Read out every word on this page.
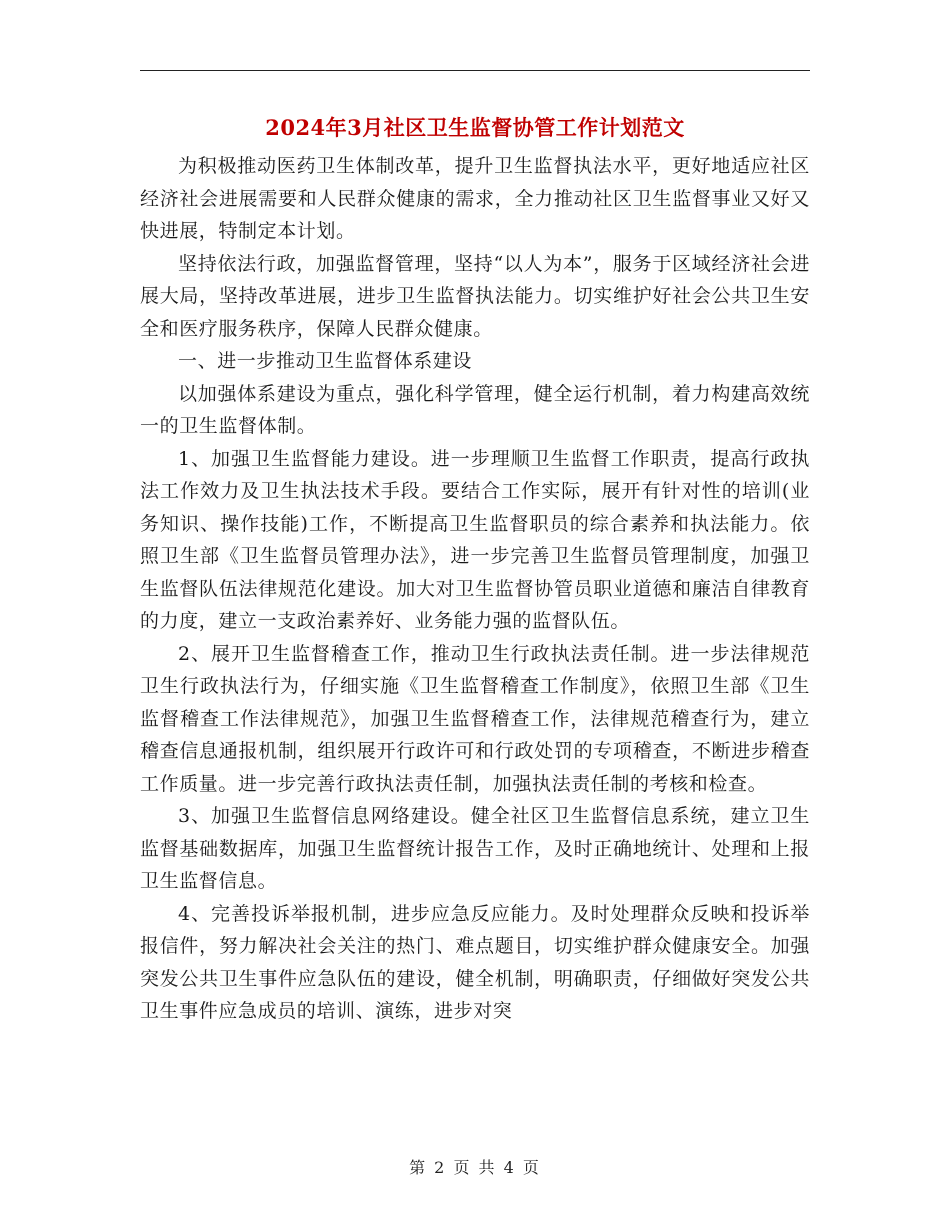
2024年3月社区卫生监督协管工作计划范文

为积极推动医药卫生体制改革，提升卫生监督执法水平，更好地适应社区经济社会进展需要和人民群众健康的需求，全力推动社区卫生监督事业又好又快进展，特制定本计划。

坚持依法行政，加强监督管理，坚持“以人为本”，服务于区域经济社会进展大局，坚持改革进展，进步卫生监督执法能力。切实维护好社会公共卫生安全和医疗服务秩序，保障人民群众健康。

一、进一步推动卫生监督体系建设

以加强体系建设为重点，强化科学管理，健全运行机制，着力构建高效统一的卫生监督体制。

1、加强卫生监督能力建设。进一步理顺卫生监督工作职责，提高行政执法工作效力及卫生执法技术手段。要结合工作实际，展开有针对性的培训(业务知识、操作技能)工作，不断提高卫生监督职员的综合素养和执法能力。依照卫生部《卫生监督员管理办法》，进一步完善卫生监督员管理制度，加强卫生监督队伍法律规范化建设。加大对卫生监督协管员职业道德和廉洁自律教育的力度，建立一支政治素养好、业务能力强的监督队伍。

2、展开卫生监督稽查工作，推动卫生行政执法责任制。进一步法律规范卫生行政执法行为，仔细实施《卫生监督稽查工作制度》，依照卫生部《卫生监督稽查工作法律规范》，加强卫生监督稽查工作，法律规范稽查行为，建立稽查信息通报机制，组织展开行政许可和行政处罚的专项稽查，不断进步稽查工作质量。进一步完善行政执法责任制，加强执法责任制的考核和检查。

3、加强卫生监督信息网络建设。健全社区卫生监督信息系统，建立卫生监督基础数据库，加强卫生监督统计报告工作，及时正确地统计、处理和上报卫生监督信息。

4、完善投诉举报机制，进步应急反应能力。及时处理群众反映和投诉举报信件，努力解决社会关注的热门、难点题目，切实维护群众健康安全。加强突发公共卫生事件应急队伍的建设，健全机制，明确职责，仔细做好突发公共卫生事件应急成员的培训、演练，进步对突

第 2 页 共 4 页
